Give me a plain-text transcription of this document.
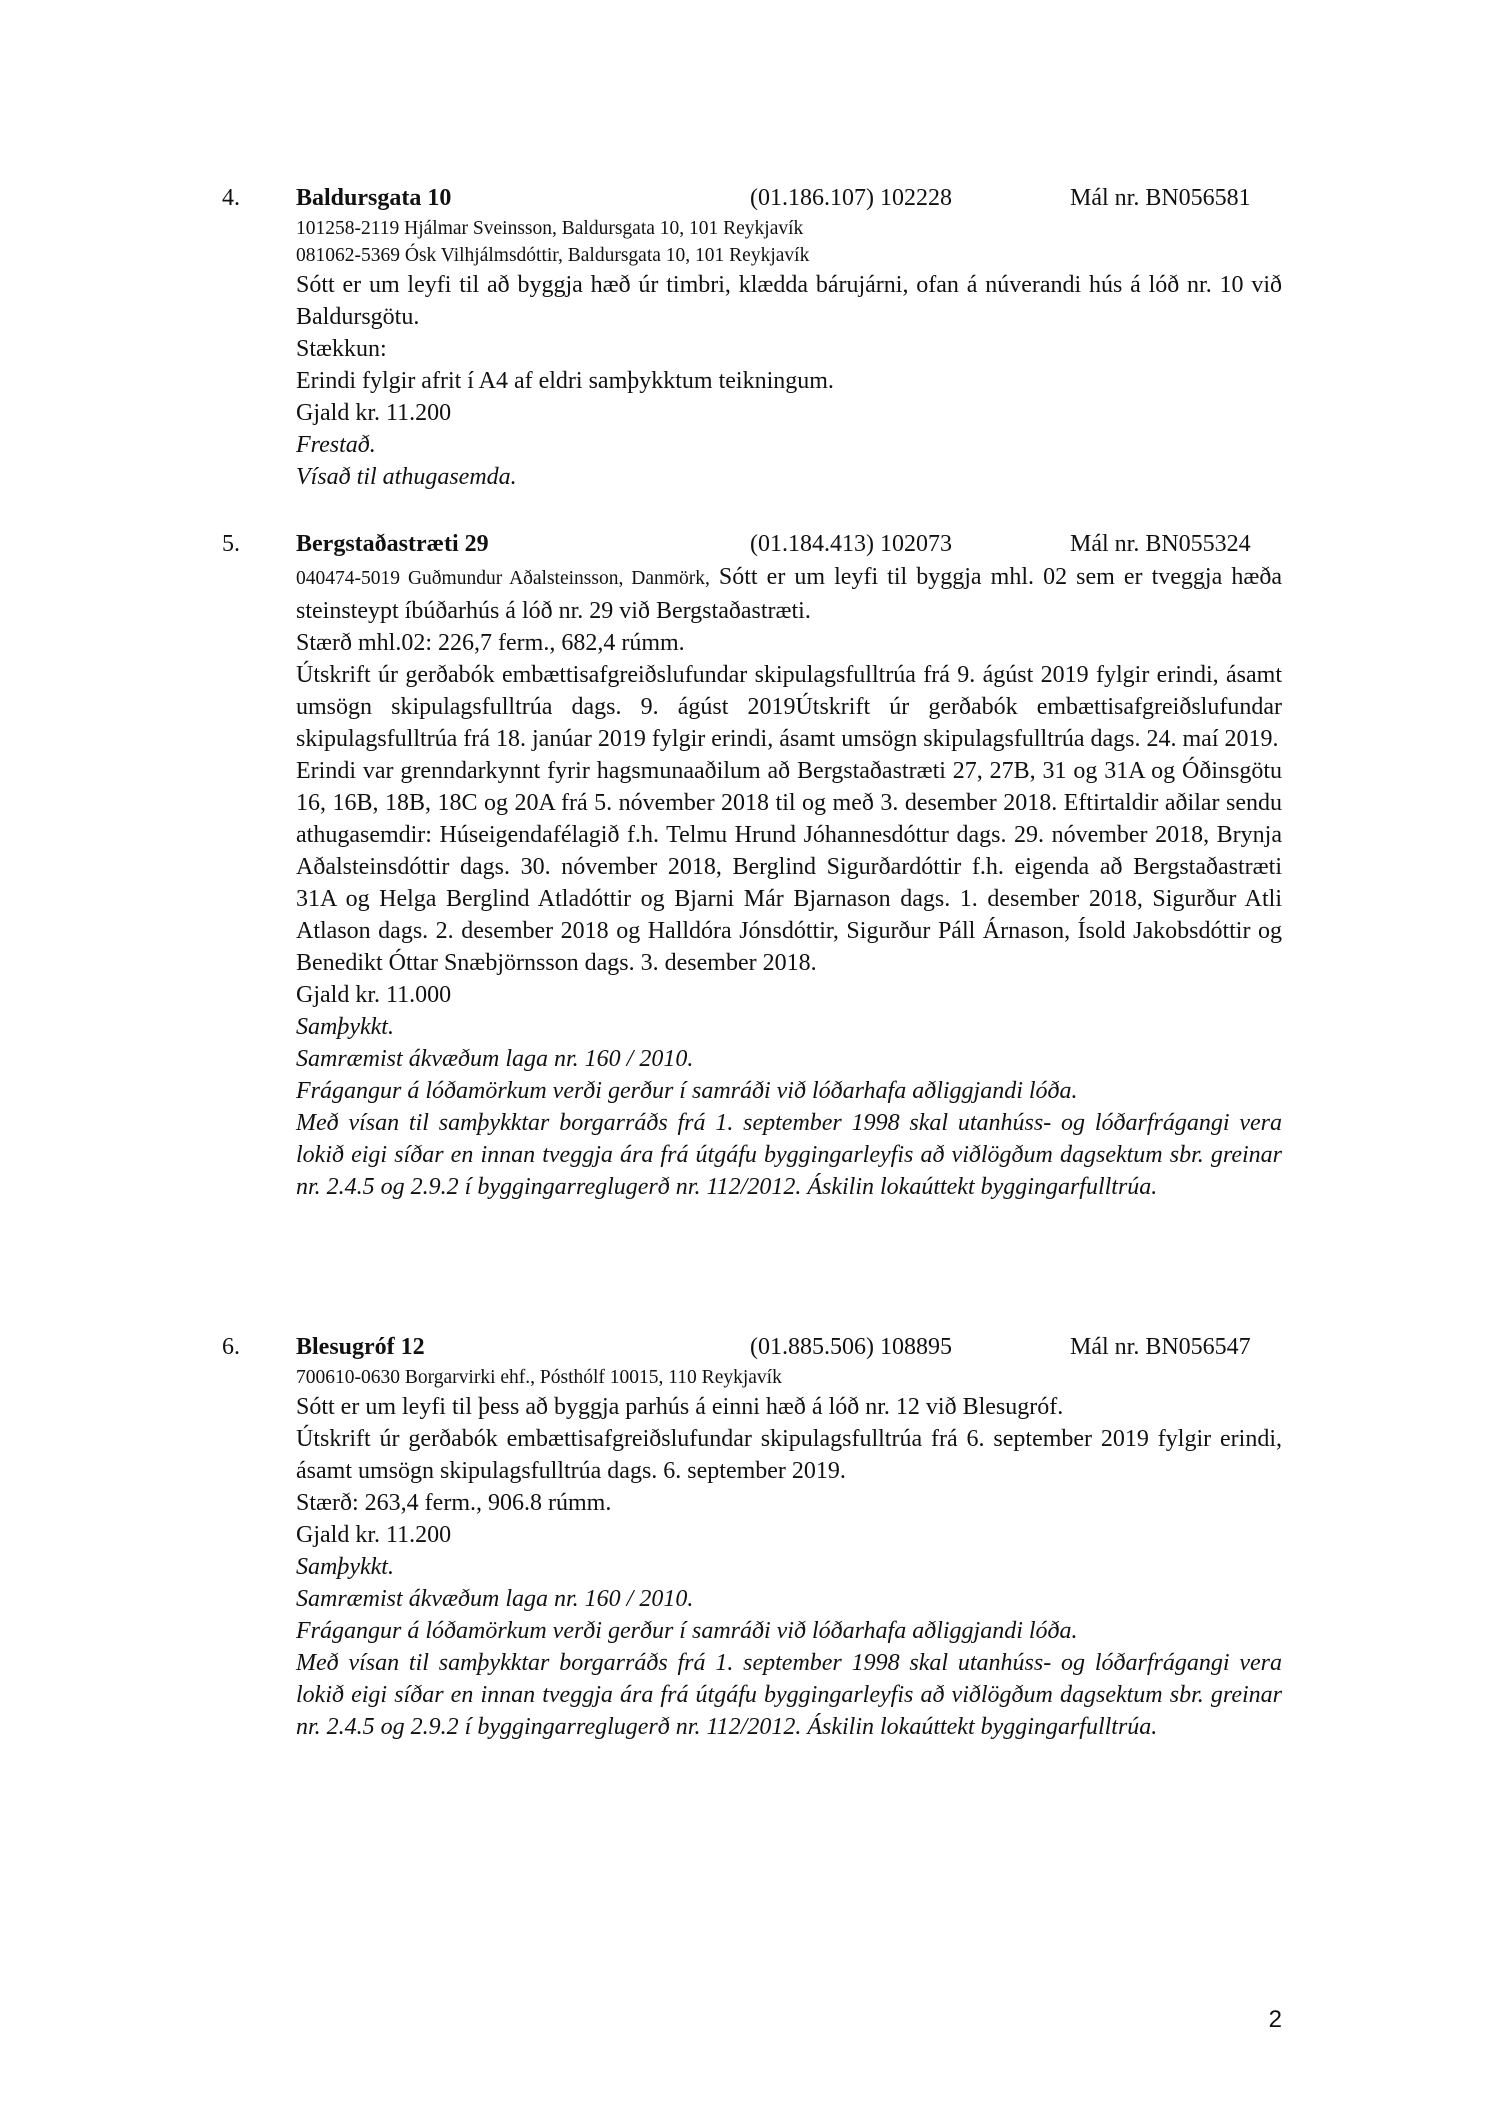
4. Baldursgata 10	(01.186.107) 102228	Mál nr. BN056581
101258-2119 Hjálmar Sveinsson, Baldursgata 10, 101 Reykjavík
081062-5369 Ósk Vilhjálmsdóttir, Baldursgata 10, 101 Reykjavík
Sótt er um leyfi til að byggja hæð úr timbri, klædda bárujárni, ofan á núverandi hús á lóð nr. 10 við Baldursgötu.
Stækkun:
Erindi fylgir afrit í A4 af eldri samþykktum teikningum.
Gjald kr. 11.200
Frestað.
Vísað til athugasemda.
5. Bergstaðastræti 29	(01.184.413) 102073	Mál nr. BN055324
040474-5019 Guðmundur Aðalsteinsson, Danmörk, Sótt er um leyfi til byggja mhl. 02 sem er tveggja hæða steinsteypt íbúðarhús á lóð nr. 29 við Bergstaðastræti.
Stærð mhl.02: 226,7 ferm., 682,4 rúmm.
Útskrift úr gerðabók embættisafgreiðslufundar skipulagsfulltrúa frá 9. ágúst 2019 fylgir erindi, ásamt umsögn skipulagsfulltrúa dags. 9. ágúst 2019Útskrift úr gerðabók embættisafgreiðslufundar skipulagsfulltrúa frá 18. janúar 2019 fylgir erindi, ásamt umsögn skipulagsfulltrúa dags. 24. maí 2019.
Erindi var grenndarkynnt fyrir hagsmunaaðilum að Bergstaðastræti 27, 27B, 31 og 31A og Óðinsgötu 16, 16B, 18B, 18C og 20A frá 5. nóvember 2018 til og með 3. desember 2018. Eftirtaldir aðilar sendu athugasemdir: Húseigendafélagið f.h. Telmu Hrund Jóhannesdóttur dags. 29. nóvember 2018, Brynja Aðalsteinsdóttir dags. 30. nóvember 2018, Berglind Sigurðardóttir f.h. eigenda að Bergstaðastræti 31A og Helga Berglind Atladóttir og Bjarni Már Bjarnason dags. 1. desember 2018, Sigurður Atli Atlason dags. 2. desember 2018 og Halldóra Jónsdóttir, Sigurður Páll Árnason, Ísold Jakobsdóttir og Benedikt Óttar Snæbjörnsson dags. 3. desember 2018.
Gjald kr. 11.000
Samþykkt.
Samræmist ákvæðum laga nr. 160 / 2010.
Frágangur á lóðamörkum verði gerður í samráði við lóðarhafa aðliggjandi lóða.
Með vísan til samþykktar borgarráðs frá 1. september 1998 skal utanhúss- og lóðarfrágangi vera lokið eigi síðar en innan tveggja ára frá útgáfu byggingarleyfis að viðlögðum dagsektum sbr. greinar nr. 2.4.5 og 2.9.2 í byggingarreglugerð nr. 112/2012. Áskilin lokaúttekt byggingarfulltrúa.
6. Blesugróf 12	(01.885.506) 108895	Mál nr. BN056547
700610-0630 Borgarvirki ehf., Pósthólf 10015, 110 Reykjavík
Sótt er um leyfi til þess að byggja parhús á einni hæð á lóð nr. 12 við Blesugróf.
Útskrift úr gerðabók embættisafgreiðslufundar skipulagsfulltrúa frá 6. september 2019 fylgir erindi, ásamt umsögn skipulagsfulltrúa dags. 6. september 2019.
Stærð: 263,4 ferm., 906.8 rúmm.
Gjald kr. 11.200
Samþykkt.
Samræmist ákvæðum laga nr. 160 / 2010.
Frágangur á lóðamörkum verði gerður í samráði við lóðarhafa aðliggjandi lóða.
Með vísan til samþykktar borgarráðs frá 1. september 1998 skal utanhúss- og lóðarfrágangi vera lokið eigi síðar en innan tveggja ára frá útgáfu byggingarleyfis að viðlögðum dagsektum sbr. greinar nr. 2.4.5 og 2.9.2 í byggingarreglugerð nr. 112/2012. Áskilin lokaúttekt byggingarfulltrúa.
2
